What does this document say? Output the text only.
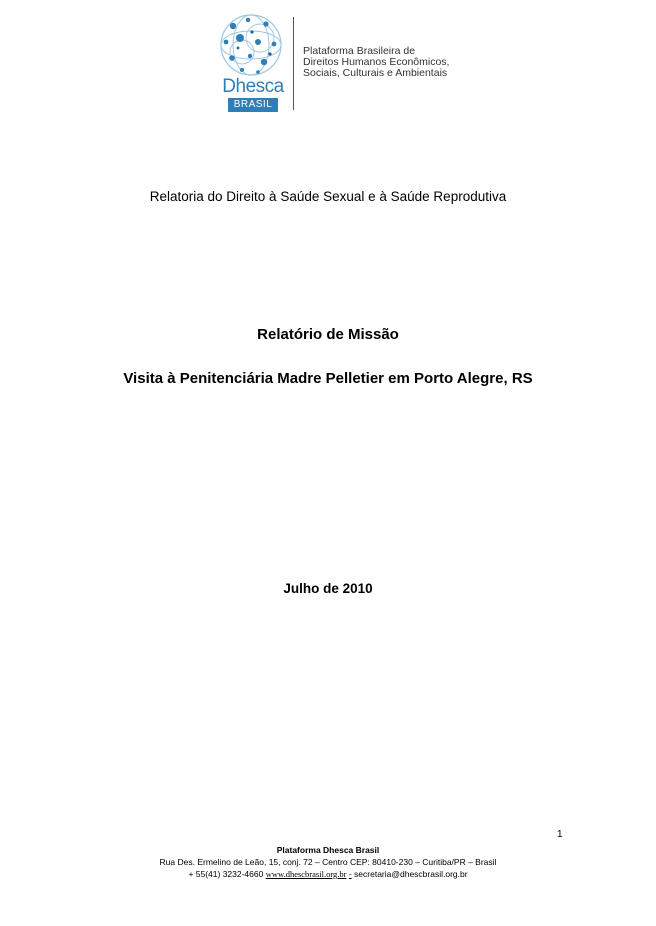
Dhesca
BRASIL
Plataforma Brasileira de
Direitos Humanos Econômicos,
Sociais, Culturais e Ambientais
Relatoria do Direito à Saúde Sexual e à Saúde Reprodutiva
Relatório de Missão
Visita à Penitenciária Madre Pelletier em Porto Alegre, RS
Julho de 2010
1
Plataforma Dhesca Brasil
Rua Des. Ermelino de Leão, 15, conj. 72 – Centro CEP: 80410-230 – Curitiba/PR – Brasil
+ 55(41) 3232-4660 www.dhescbrasil.org.br - secretaria@dhescbrasil.org.br
